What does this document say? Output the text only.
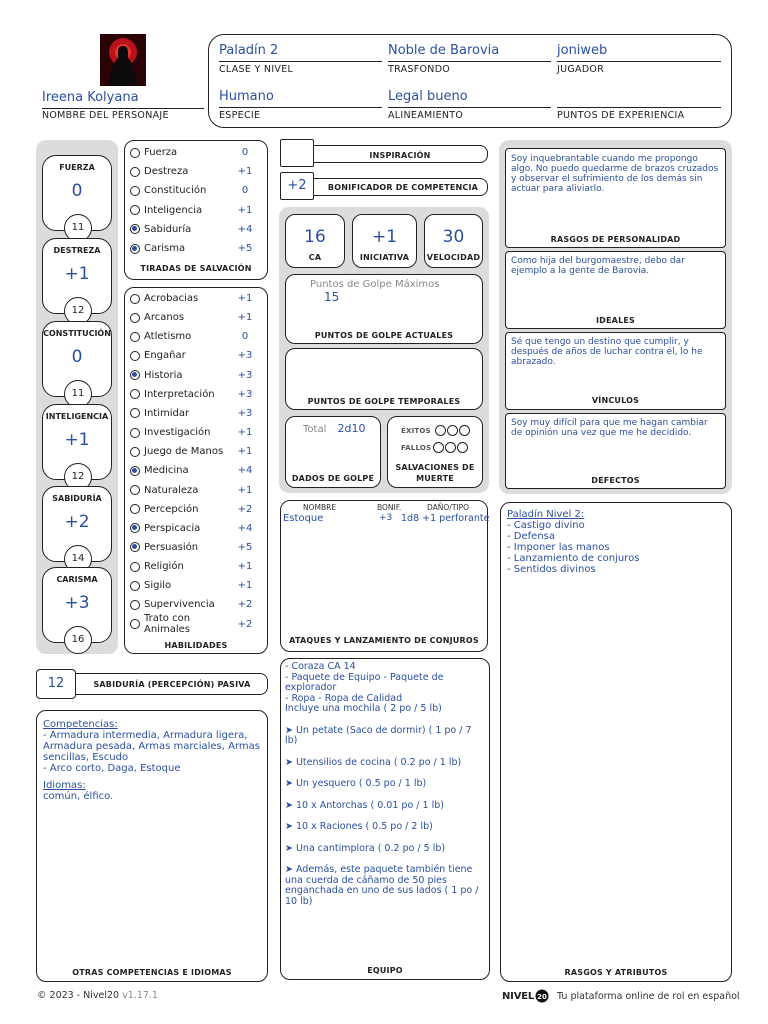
Ireena Kolyana
NOMBRE DEL PERSONAJE
Paladín 2
CLASE Y NIVEL
Noble de Barovia
TRASFONDO
joniweb
JUGADOR
Humano
ESPECIE
Legal bueno
ALINEAMIENTO	PUNTOS DE EXPERIENCIA
FUERZA
0
11
DESTREZA
+1
12
CONSTITUCIÓN
0
11
INTELIGENCIA
+1
12
SABIDURÍA
+2
14
CARISMA
+3
16
Fuerza	0
Destreza	+1
Constitución	0
Inteligencia	+1
Sabiduría	+4
Carisma	+5
TIRADAS DE SALVACIÓN
Acrobacias	+1
Arcanos	+1
Atletismo	0
Engañar	+3
Historia	+3
Interpretación	+3
Intimidar	+3
Investigación	+1
Juego de Manos	+1
Medicina	+4
Naturaleza	+1
Percepción	+2
Perspicacia	+4
Persuasión	+5
Religión	+1
Sigilo	+1
Supervivencia	+2
Trato con Animales	+2
HABILIDADES
12	SABIDURÍA (PERCEPCIÓN) PASIVA
Competencias:
- Armadura intermedia, Armadura ligera, Armadura pesada, Armas marciales, Armas sencillas, Escudo
- Arco corto, Daga, Estoque
Idiomas:
común, élfico.
OTRAS COMPETENCIAS E IDIOMAS
INSPIRACIÓN
+2	BONIFICADOR DE COMPETENCIA
16
CA
+1
INICIATIVA
30
VELOCIDAD
Puntos de Golpe Máximos 15
PUNTOS DE GOLPE ACTUALES
PUNTOS DE GOLPE TEMPORALES
Total 2d10
DADOS DE GOLPE
ÉXITOS
FALLOS
SALVACIONES DE MUERTE
NOMBRE	BONIF.	DAÑO/TIPO
Estoque	+3 1d8 +1 perforante
ATAQUES Y LANZAMIENTO DE CONJUROS
- Coraza CA 14
- Paquete de Equipo - Paquete de explorador
- Ropa - Ropa de Calidad
Incluye una mochila ( 2 po / 5 lb)
➤ Un petate (Saco de dormir) ( 1 po / 7 lb)
➤ Utensilios de cocina ( 0.2 po / 1 lb)
➤ Un yesquero ( 0.5 po / 1 lb)
➤ 10 x Antorchas ( 0.01 po / 1 lb)
➤ 10 x Raciones ( 0.5 po / 2 lb)
➤ Una cantimplora ( 0.2 po / 5 lb)
➤ Además, este paquete también tiene una cuerda de cáñamo de 50 pies enganchada en uno de sus lados ( 1 po / 10 lb)
EQUIPO
Soy inquebrantable cuando me propongo algo. No puedo quedarme de brazos cruzados y observar el sufrimiento de los demás sin actuar para aliviarlo.
RASGOS DE PERSONALIDAD
Como hija del burgomaestre, debo dar ejemplo a la gente de Barovia.
IDEALES
Sé que tengo un destino que cumplir, y después de años de luchar contra él, lo he abrazado.
VÍNCULOS
Soy muy difícil para que me hagan cambiar de opinión una vez que me he decidido.
DEFECTOS
Paladín Nivel 2:
- Castigo divino
- Defensa
- Imponer las manos
- Lanzamiento de conjuros
- Sentidos divinos
RASGOS Y ATRIBUTOS
© 2023 - Nivel20 v1.17.1	NIVEL 20 Tu plataforma online de rol en español
